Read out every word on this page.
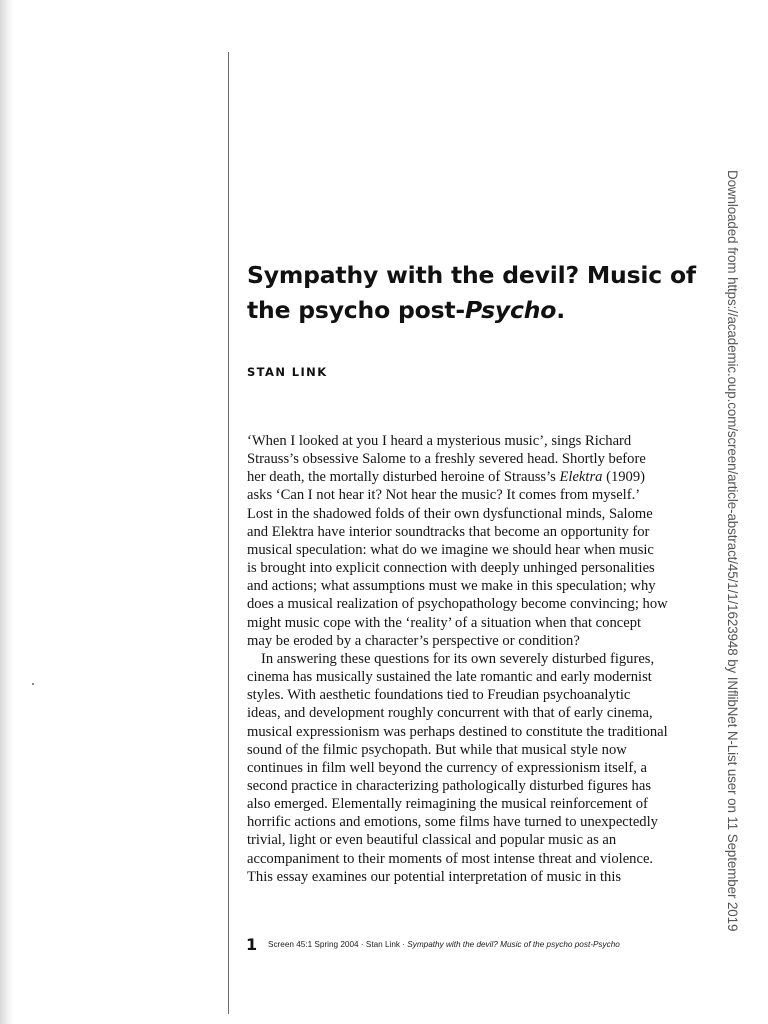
Sympathy with the devil? Music of
the psycho post-Psycho.

STAN LINK

‘When I looked at you I heard a mysterious music’, sings Richard
Strauss’s obsessive Salome to a freshly severed head. Shortly before
her death, the mortally disturbed heroine of Strauss’s Elektra (1909)
asks ‘Can I not hear it? Not hear the music? It comes from myself.’
Lost in the shadowed folds of their own dysfunctional minds, Salome
and Elektra have interior soundtracks that become an opportunity for
musical speculation: what do we imagine we should hear when music
is brought into explicit connection with deeply unhinged personalities
and actions; what assumptions must we make in this speculation; why
does a musical realization of psychopathology become convincing; how
might music cope with the ‘reality’ of a situation when that concept
may be eroded by a character’s perspective or condition?
In answering these questions for its own severely disturbed figures,
cinema has musically sustained the late romantic and early modernist
styles. With aesthetic foundations tied to Freudian psychoanalytic
ideas, and development roughly concurrent with that of early cinema,
musical expressionism was perhaps destined to constitute the traditional
sound of the filmic psychopath. But while that musical style now
continues in film well beyond the currency of expressionism itself, a
second practice in characterizing pathologically disturbed figures has
also emerged. Elementally reimagining the musical reinforcement of
horrific actions and emotions, some films have turned to unexpectedly
trivial, light or even beautiful classical and popular music as an
accompaniment to their moments of most intense threat and violence.
This essay examines our potential interpretation of music in this
1 Screen 45:1 Spring 2004 · Stan Link · Sympathy with the devil? Music of the psycho post-Psycho
Downloaded from https://academic.oup.com/screen/article-abstract/45/1/1/1623948 by INflibNet N-List user on 11 September 2019
